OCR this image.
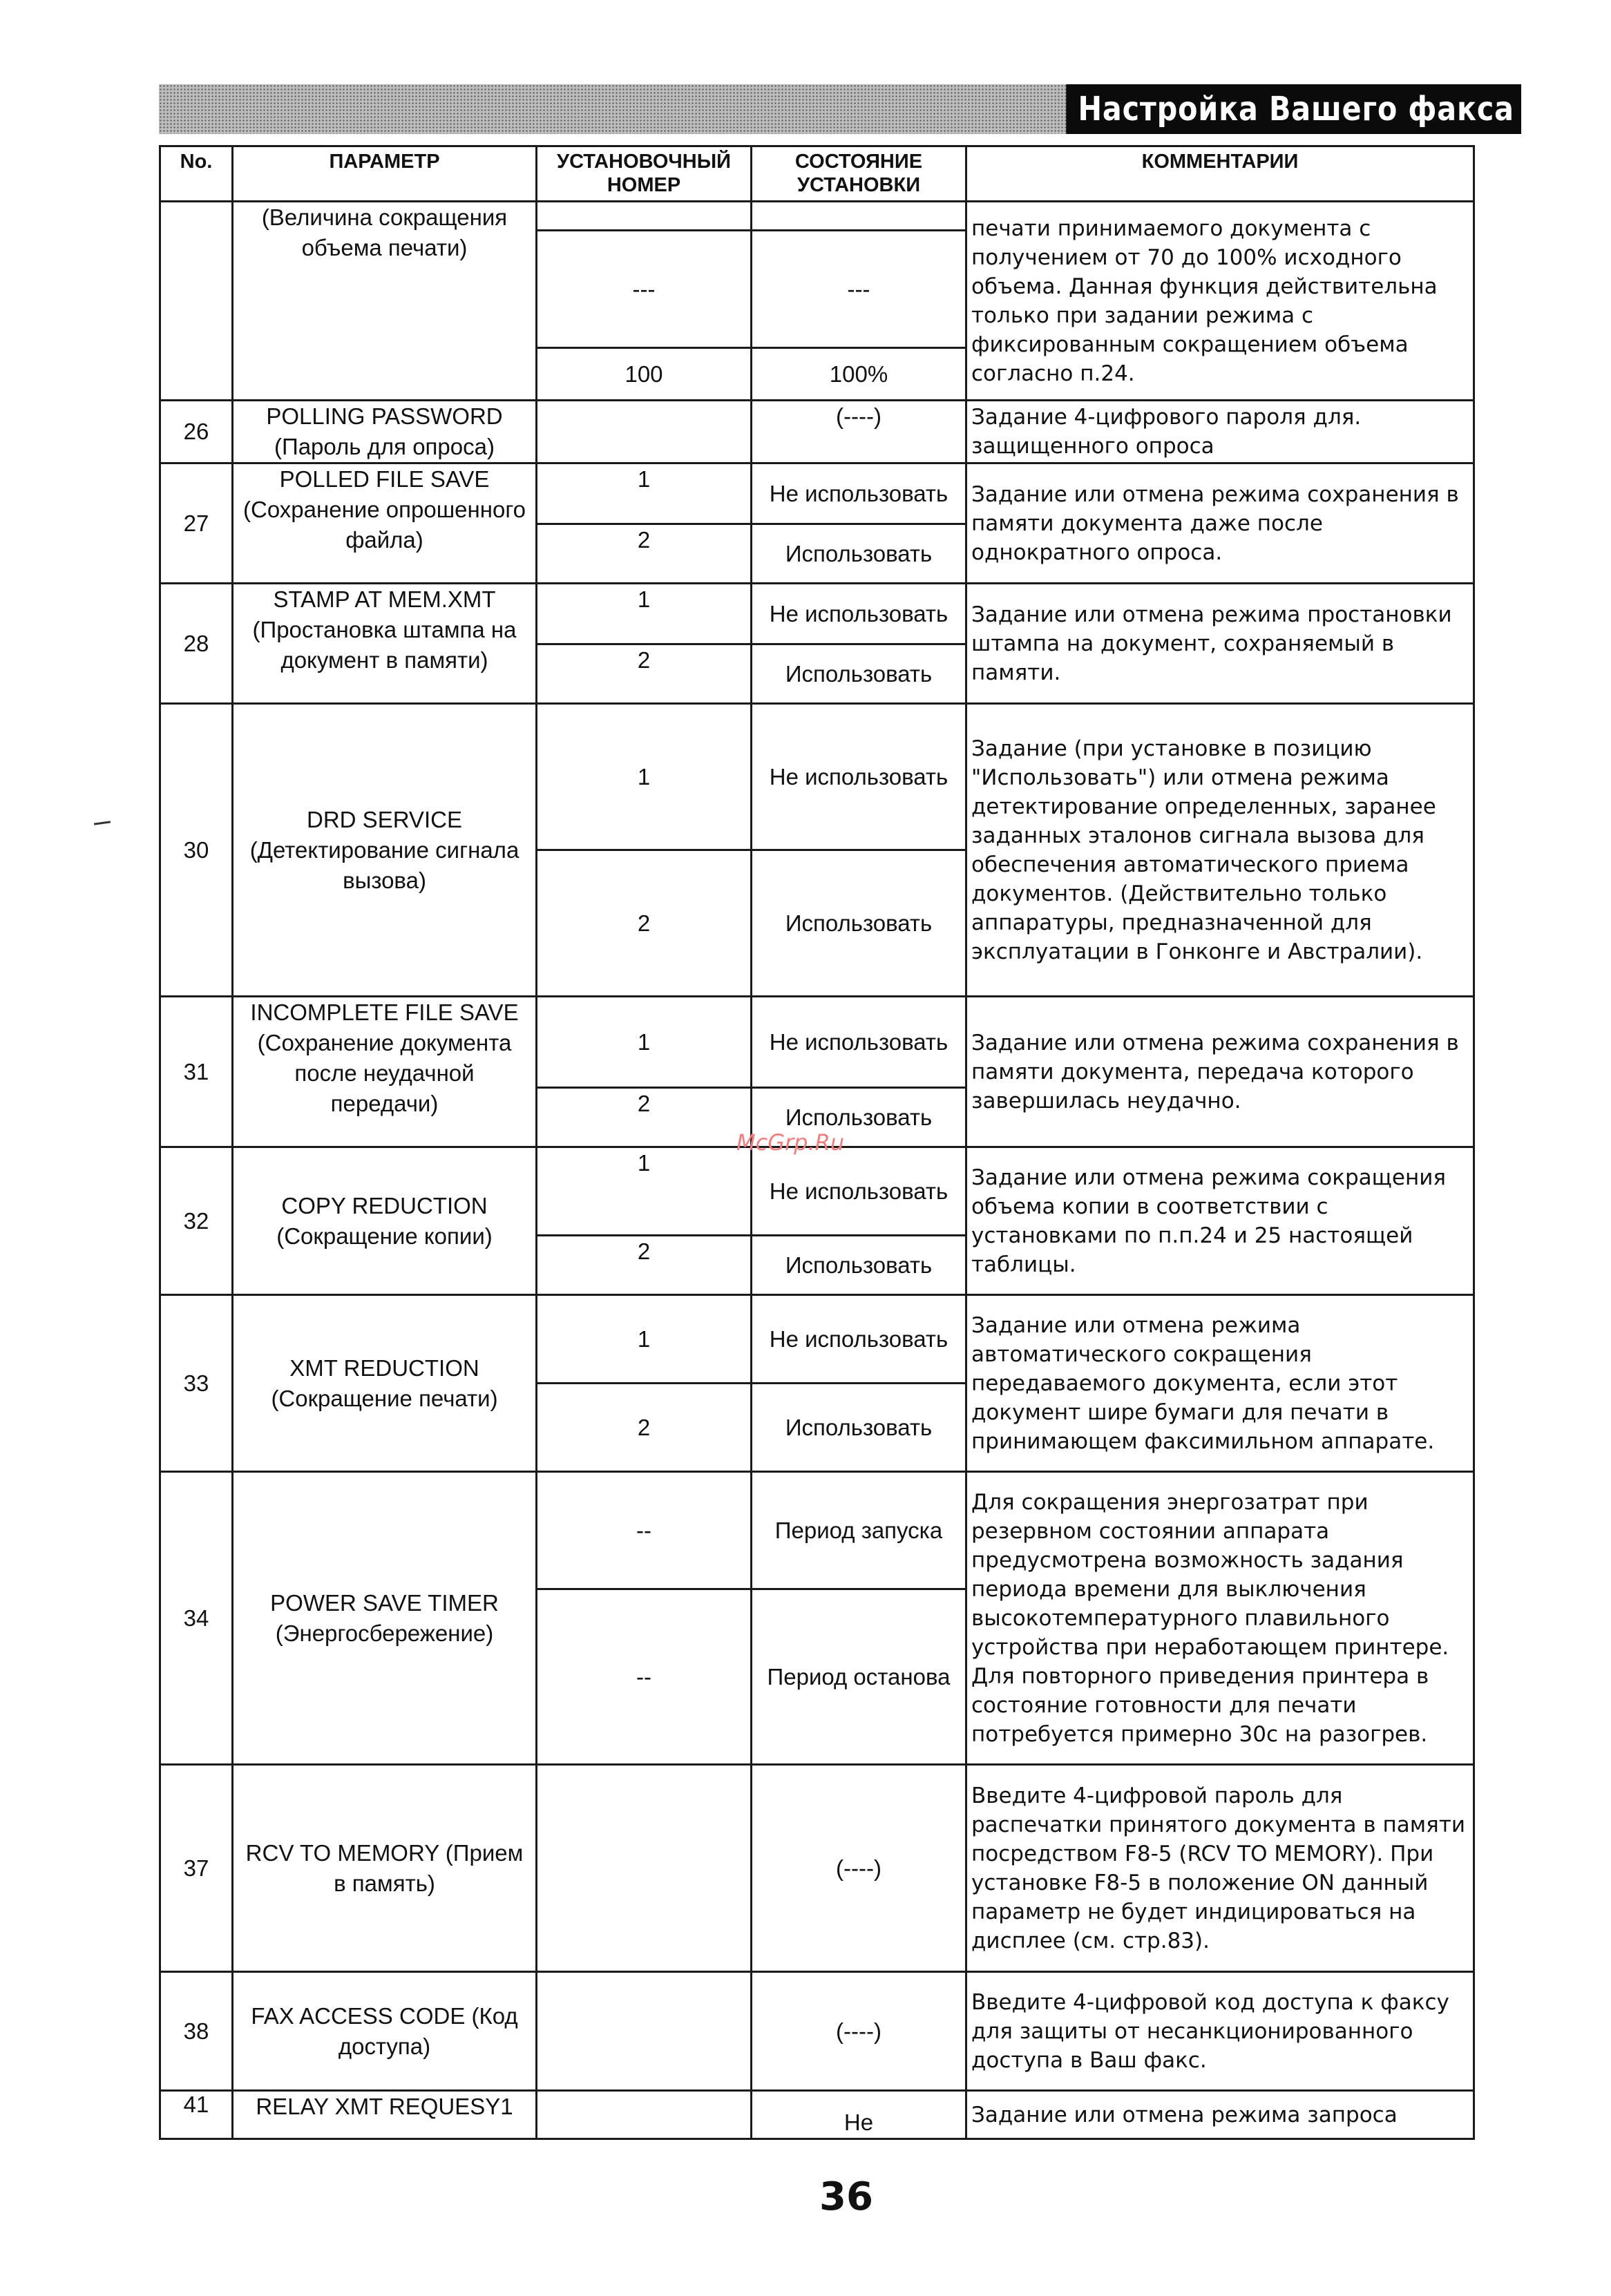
Настройка Вашего факса
No.	ПАРАМЕТР	УСТАНОВОЧНЫЙ НОМЕР	СОСТОЯНИЕ УСТАНОВКИ	КОММЕНТАРИИ
	(Величина сокращения объема печати)			печати принимаемого документа с получением от 70 до 100% исходного объема. Данная функция действительна только при задании режима с фиксированным сокращением объема согласно п.24.
		---	---	
		100	100%	
26	POLLING PASSWORD (Пароль для опроса)		(----)	Задание 4-цифрового пароля для. защищенного опроса
27	POLLED FILE SAVE (Сохранение опрошенного файла)	1	Не использовать	Задание или отмена режима сохранения в памяти документа даже после однократного опроса.
		2	Использовать	
28	STAMP AT MEM.XMT (Простановка штампа на документ в памяти)	1	Не использовать	Задание или отмена режима простановки штампа на документ, сохраняемый в памяти.
		2	Использовать	
30	DRD SERVICE (Детектирование сигнала вызова)	1	Не использовать	Задание (при установке в позицию "Использовать") или отмена режима детектирование определенных, заранее заданных эталонов сигнала вызова для обеспечения автоматического приема документов. (Действительно только аппаратуры, предназначенной для эксплуатации в Гонконге и Австралии).
		2	Использовать	
31	INCOMPLETE FILE SAVE (Сохранение документа после неудачной передачи)	1	Не использовать	Задание или отмена режима сохранения в памяти документа, передача которого завершилась неудачно.
		2	Использовать	
32	COPY REDUCTION (Сокращение копии)	1	Не использовать	Задание или отмена режима сокращения объема копии в соответствии с установками по п.п.24 и 25 настоящей таблицы.
		2	Использовать	
33	XMT REDUCTION (Сокращение печати)	1	Не использовать	Задание или отмена режима автоматического сокращения передаваемого документа, если этот документ шире бумаги для печати в принимающем факсимильном аппарате.
		2	Использовать	
34	POWER SAVE TIMER (Энергосбережение)	--	Период запуска	Для сокращения энергозатрат при резервном состоянии аппарата предусмотрена возможность задания периода времени для выключения высокотемпературного плавильного устройства при неработающем принтере. Для повторного приведения принтера в состояние готовности для печати потребуется примерно 30с на разогрев.
		--	Период останова	
37	RCV TO MEMORY (Прием в память)		(----)	Введите 4-цифровой пароль для распечатки принятого документа в памяти посредством F8-5 (RCV TO MEMORY). При установке F8-5 в положение ON данный параметр не будет индицироваться на дисплее (см. стр.83).
38	FAX ACCESS CODE (Код доступа)		(----)	Введите 4-цифровой код доступа к факсу для защиты от несанкционированного доступа в Ваш факс.
41	RELAY XMT REQUESY1		Не	Задание или отмена режима запроса
McGrp.Ru
36
